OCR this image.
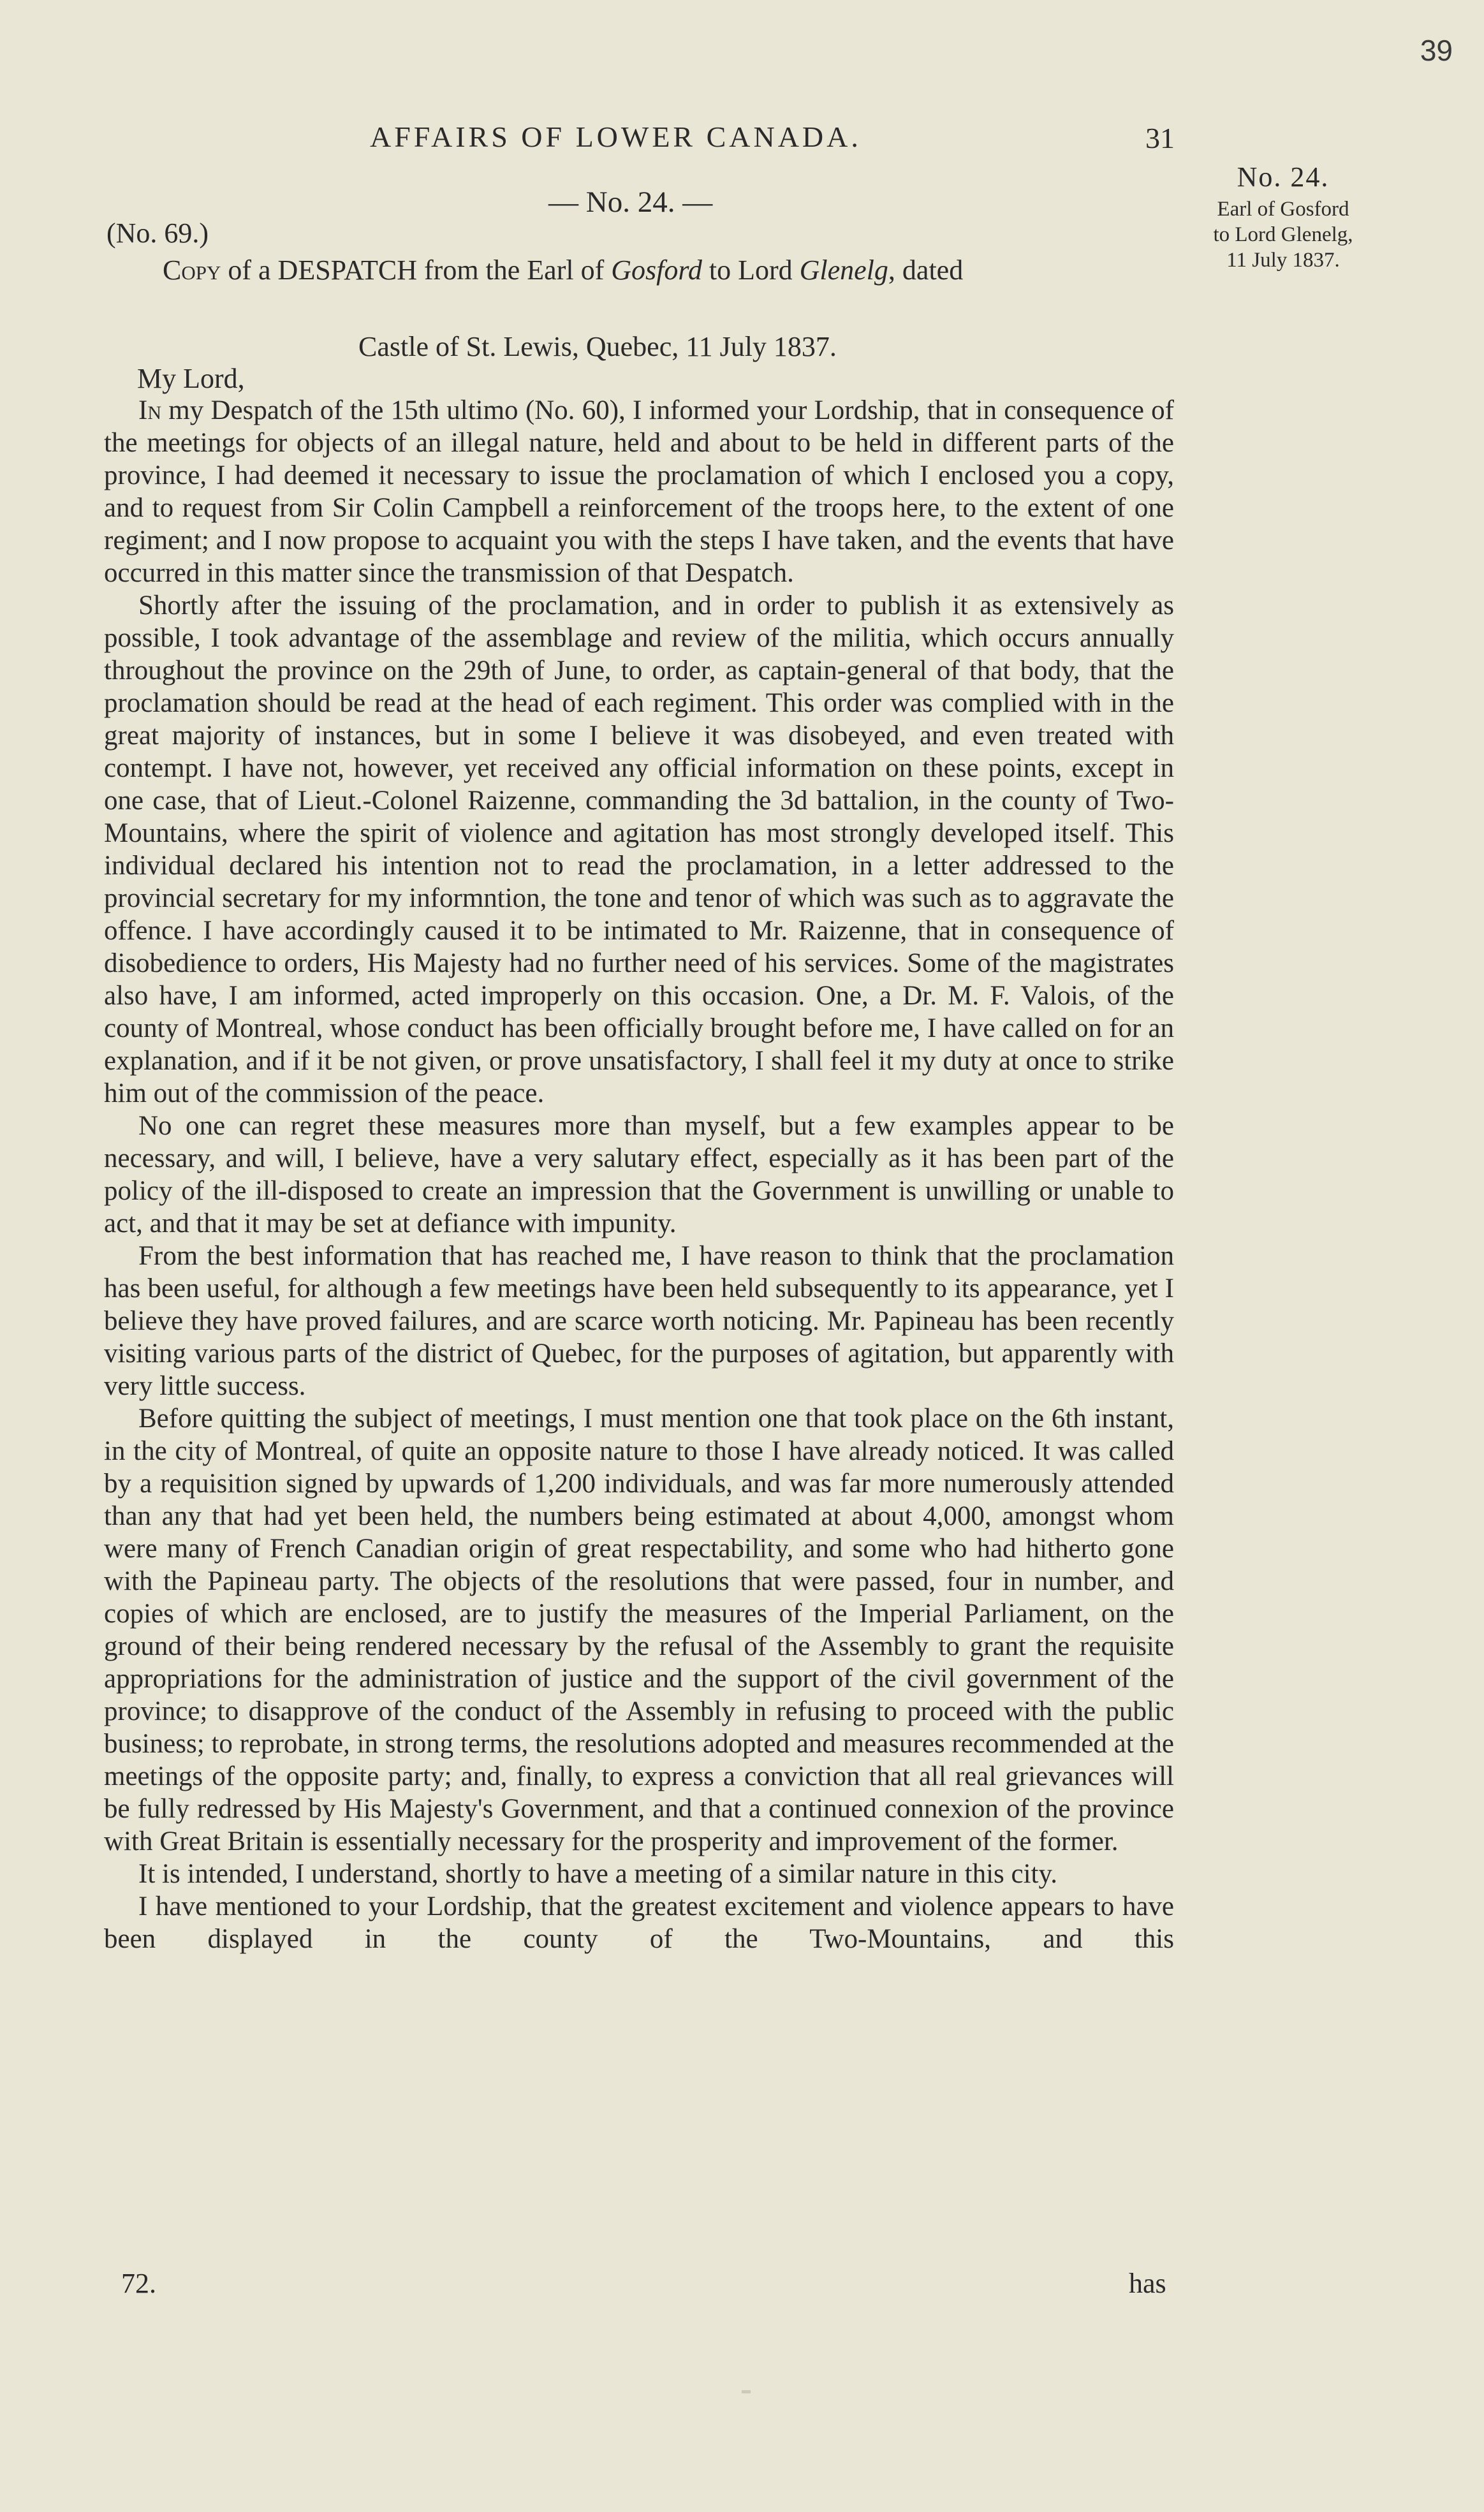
39
AFFAIRS OF LOWER CANADA.	31
— No. 24. —
(No. 69.)
Copy of a DESPATCH from the Earl of Gosford to Lord Glenelg, dated
Castle of St. Lewis, Quebec, 11 July 1837.
My Lord,

In my Despatch of the 15th ultimo (No. 60), I informed your Lordship, that in consequence of the meetings for objects of an illegal nature, held and about to be held in different parts of the province, I had deemed it necessary to issue the proclamation of which I enclosed you a copy, and to request from Sir Colin Campbell a reinforcement of the troops here, to the extent of one regiment; and I now propose to acquaint you with the steps I have taken, and the events that have occurred in this matter since the transmission of that Despatch.

Shortly after the issuing of the proclamation, and in order to publish it as extensively as possible, I took advantage of the assemblage and review of the militia, which occurs annually throughout the province on the 29th of June, to order, as captain-general of that body, that the proclamation should be read at the head of each regiment. This order was complied with in the great majority of instances, but in some I believe it was disobeyed, and even treated with contempt. I have not, however, yet received any official information on these points, except in one case, that of Lieut.-Colonel Raizenne, commanding the 3d battalion, in the county of Two-Mountains, where the spirit of violence and agitation has most strongly developed itself. This individual declared his intention not to read the proclamation, in a letter addressed to the provincial secretary for my informntion, the tone and tenor of which was such as to aggravate the offence. I have accordingly caused it to be intimated to Mr. Raizenne, that in consequence of disobedience to orders, His Majesty had no further need of his services. Some of the magistrates also have, I am informed, acted improperly on this occasion. One, a Dr. M. F. Valois, of the county of Montreal, whose conduct has been officially brought before me, I have called on for an explanation, and if it be not given, or prove unsatisfactory, I shall feel it my duty at once to strike him out of the commission of the peace.

No one can regret these measures more than myself, but a few examples appear to be necessary, and will, I believe, have a very salutary effect, especially as it has been part of the policy of the ill-disposed to create an impression that the Government is unwilling or unable to act, and that it may be set at defiance with impunity.

From the best information that has reached me, I have reason to think that the proclamation has been useful, for although a few meetings have been held subsequently to its appearance, yet I believe they have proved failures, and are scarce worth noticing. Mr. Papineau has been recently visiting various parts of the district of Quebec, for the purposes of agitation, but apparently with very little success.

Before quitting the subject of meetings, I must mention one that took place on the 6th instant, in the city of Montreal, of quite an opposite nature to those I have already noticed. It was called by a requisition signed by upwards of 1,200 individuals, and was far more numerously attended than any that had yet been held, the numbers being estimated at about 4,000, amongst whom were many of French Canadian origin of great respectability, and some who had hitherto gone with the Papineau party. The objects of the resolutions that were passed, four in number, and copies of which are enclosed, are to justify the measures of the Imperial Parliament, on the ground of their being rendered necessary by the refusal of the Assembly to grant the requisite appropriations for the administration of justice and the support of the civil government of the province; to disapprove of the conduct of the Assembly in refusing to proceed with the public business; to reprobate, in strong terms, the resolutions adopted and measures recommended at the meetings of the opposite party; and, finally, to express a conviction that all real grievances will be fully redressed by His Majesty's Government, and that a continued connexion of the province with Great Britain is essentially necessary for the prosperity and improvement of the former.

It is intended, I understand, shortly to have a meeting of a similar nature in this city.

I have mentioned to your Lordship, that the greatest excitement and violence appears to have been displayed in the county of the Two-Mountains, and this

72.	has
No. 24.
Earl of Gosford
to Lord Glenelg,
11 July 1837.
